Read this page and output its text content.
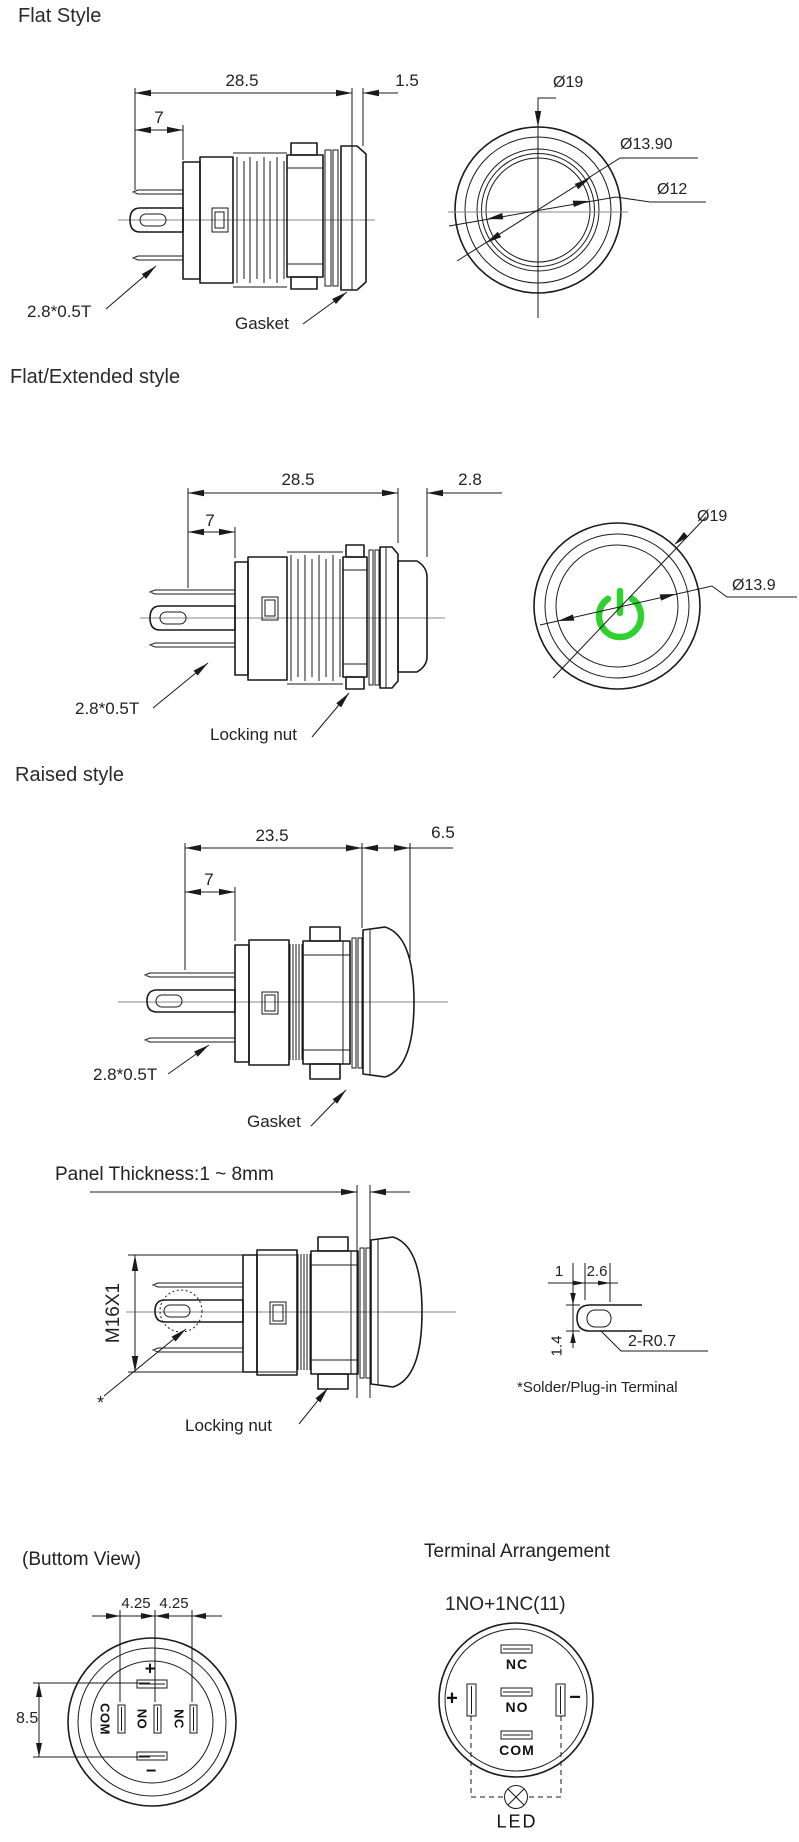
Flat Style
28.5	1.5
7
2.8*0.5T
Gasket
Ø19
Ø13.90
Ø12
Flat/Extended style
28.5	2.8
7
2.8*0.5T
Locking nut
Ø19
Ø13.9
Raised style
23.5	6.5
7
2.8*0.5T
Gasket
Panel Thickness:1 ~ 8mm
M16X1
*
Locking nut
1 2.6
1.4	2-R0.7
*Solder/Plug-in Terminal
(Buttom View)
4.25 4.25
8.5
+
−
COM NO NC
Terminal Arrangement
1NO+1NC(11)
NC
NO
COM
+	−
LED
